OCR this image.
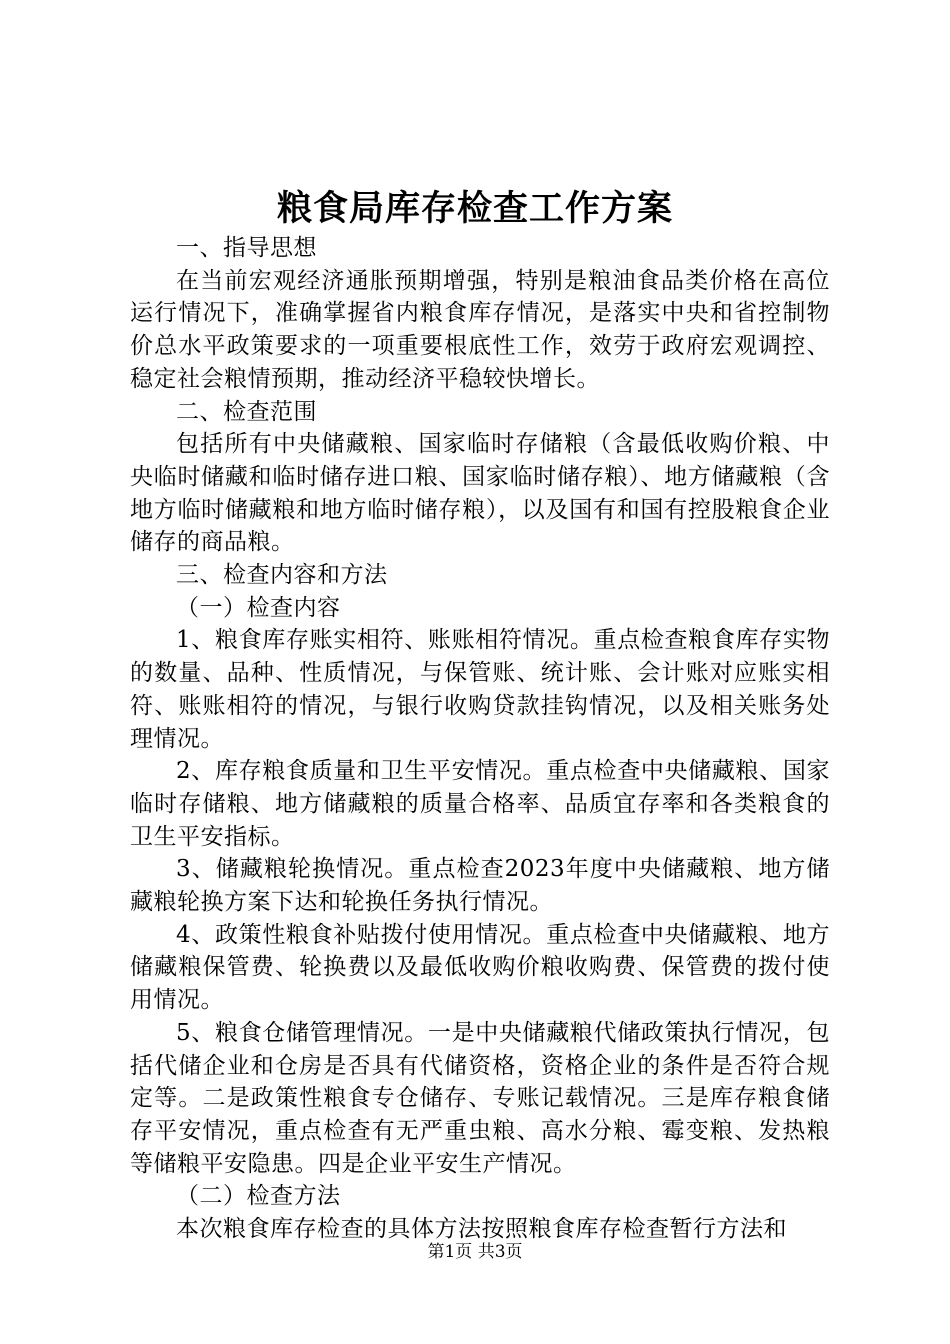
粮食局库存检查工作方案

一、指导思想

在当前宏观经济通胀预期增强，特别是粮油食品类价格在高位运行情况下，准确掌握省内粮食库存情况，是落实中央和省控制物价总水平政策要求的一项重要根底性工作，效劳于政府宏观调控、稳定社会粮情预期，推动经济平稳较快增长。

二、检查范围

包括所有中央储藏粮、国家临时存储粮（含最低收购价粮、中央临时储藏和临时储存进口粮、国家临时储存粮）、地方储藏粮（含地方临时储藏粮和地方临时储存粮），以及国有和国有控股粮食企业储存的商品粮。

三、检查内容和方法

（一）检查内容

1、粮食库存账实相符、账账相符情况。重点检查粮食库存实物的数量、品种、性质情况，与保管账、统计账、会计账对应账实相符、账账相符的情况，与银行收购贷款挂钩情况，以及相关账务处理情况。

2、库存粮食质量和卫生平安情况。重点检查中央储藏粮、国家临时存储粮、地方储藏粮的质量合格率、品质宜存率和各类粮食的卫生平安指标。

3、储藏粮轮换情况。重点检查2023年度中央储藏粮、地方储藏粮轮换方案下达和轮换任务执行情况。

4、政策性粮食补贴拨付使用情况。重点检查中央储藏粮、地方储藏粮保管费、轮换费以及最低收购价粮收购费、保管费的拨付使用情况。

5、粮食仓储管理情况。一是中央储藏粮代储政策执行情况，包括代储企业和仓房是否具有代储资格，资格企业的条件是否符合规定等。二是政策性粮食专仓储存、专账记载情况。三是库存粮食储存平安情况，重点检查有无严重虫粮、高水分粮、霉变粮、发热粮等储粮平安隐患。四是企业平安生产情况。

（二）检查方法

本次粮食库存检查的具体方法按照粮食库存检查暂行方法和

第1页 共3页
